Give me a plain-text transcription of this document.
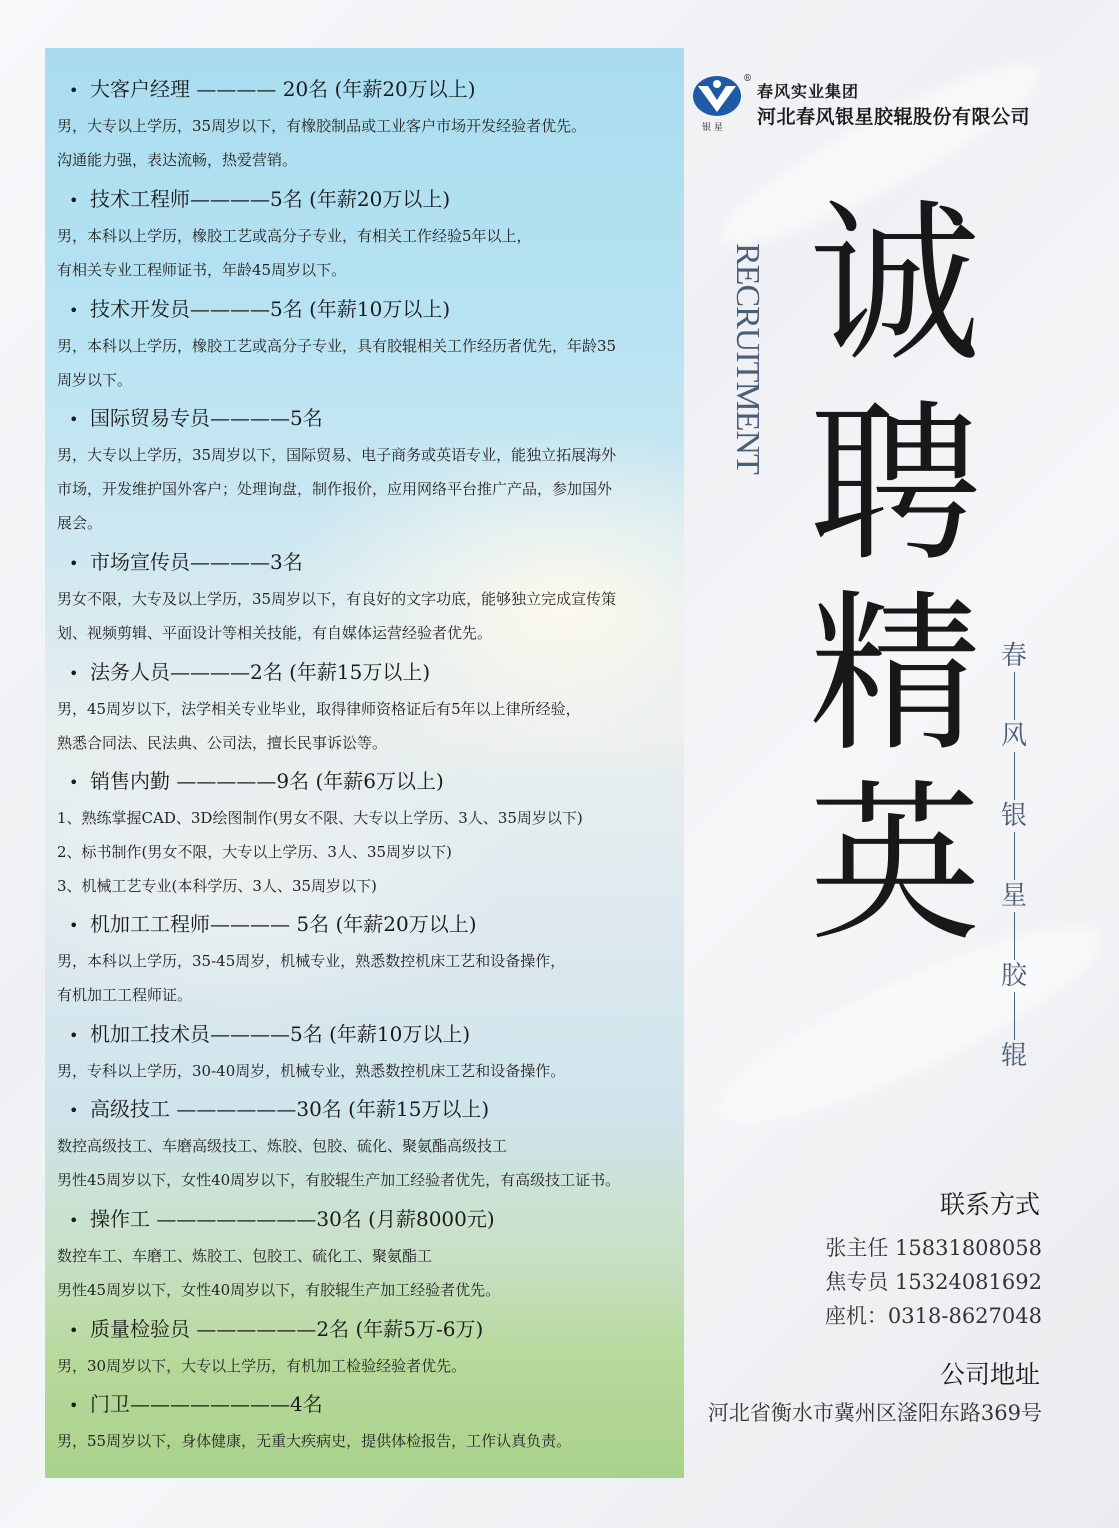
• 大客户经理 ———— 20名 (年薪20万以上)
男，大专以上学历，35周岁以下，有橡胶制品或工业客户市场开发经验者优先。
沟通能力强，表达流畅，热爱营销。
• 技术工程师————5名 (年薪20万以上)
男，本科以上学历，橡胶工艺或高分子专业，有相关工作经验5年以上，
有相关专业工程师证书，年龄45周岁以下。
• 技术开发员————5名 (年薪10万以上)
男，本科以上学历，橡胶工艺或高分子专业，具有胶辊相关工作经历者优先，年龄35
周岁以下。
• 国际贸易专员————5名
男，大专以上学历，35周岁以下，国际贸易、电子商务或英语专业，能独立拓展海外
市场，开发维护国外客户；处理询盘，制作报价，应用网络平台推广产品，参加国外
展会。
• 市场宣传员————3名
男女不限，大专及以上学历，35周岁以下，有良好的文字功底，能够独立完成宣传策
划、视频剪辑、平面设计等相关技能，有自媒体运营经验者优先。
• 法务人员————2名 (年薪15万以上)
男，45周岁以下，法学相关专业毕业，取得律师资格证后有5年以上律所经验，
熟悉合同法、民法典、公司法，擅长民事诉讼等。
• 销售内勤 —————9名 (年薪6万以上)
1、熟练掌握CAD、3D绘图制作(男女不限、大专以上学历、3人、35周岁以下)
2、标书制作(男女不限，大专以上学历、3人、35周岁以下)
3、机械工艺专业(本科学历、3人、35周岁以下)
• 机加工工程师———— 5名 (年薪20万以上)
男，本科以上学历，35-45周岁，机械专业，熟悉数控机床工艺和设备操作，
有机加工工程师证。
• 机加工技术员————5名 (年薪10万以上)
男，专科以上学历，30-40周岁，机械专业，熟悉数控机床工艺和设备操作。
• 高级技工 ——————30名 (年薪15万以上)
数控高级技工、车磨高级技工、炼胶、包胶、硫化、聚氨酯高级技工
男性45周岁以下，女性40周岁以下，有胶辊生产加工经验者优先，有高级技工证书。
• 操作工 ————————30名 (月薪8000元)
数控车工、车磨工、炼胶工、包胶工、硫化工、聚氨酯工
男性45周岁以下，女性40周岁以下，有胶辊生产加工经验者优先。
• 质量检验员 ——————2名 (年薪5万-6万)
男，30周岁以下，大专以上学历，有机加工检验经验者优先。
• 门卫————————4名
男，55周岁以下，身体健康，无重大疾病史，提供体检报告，工作认真负责。
®
银 星
春风实业集团
河北春风银星胶辊股份有限公司
RECRUITMENT 诚
聘
精
英
春
风
银
星
胶
辊
联系方式
张主任 15831808058
焦专员 15324081692
座机：0318-8627048
公司地址
河北省衡水市冀州区滏阳东路369号
